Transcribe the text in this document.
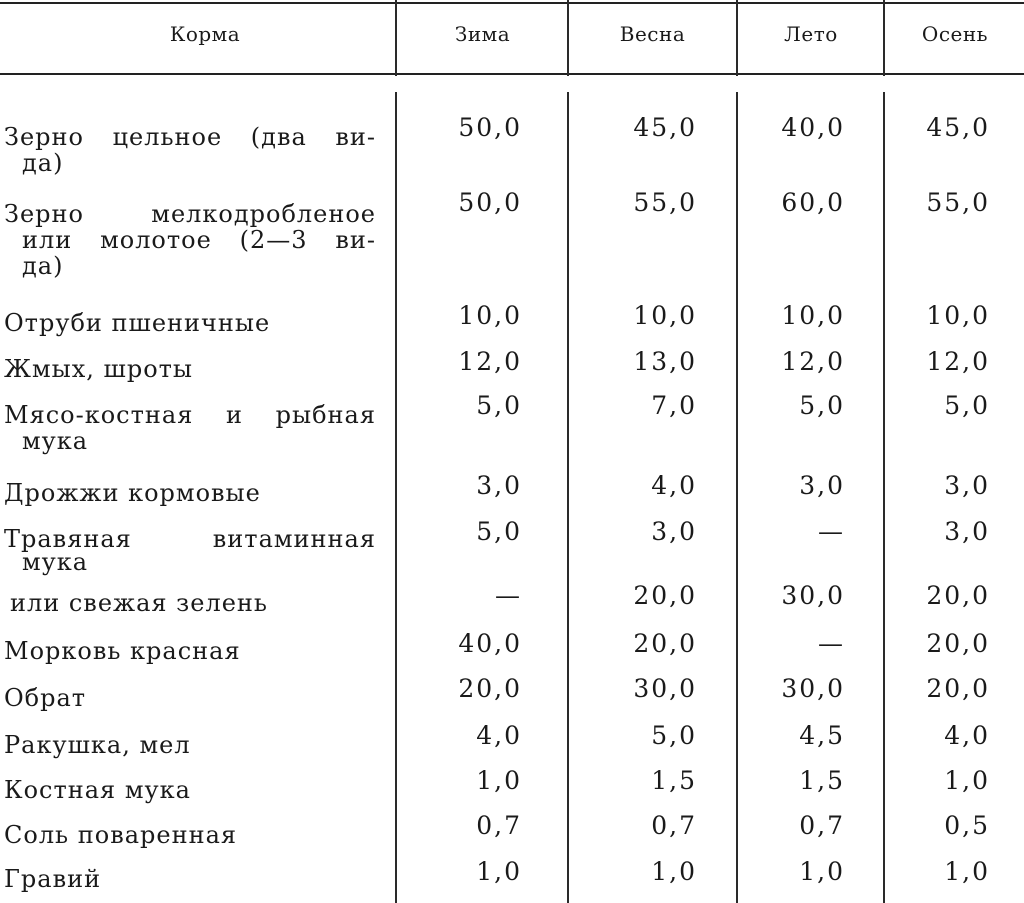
Корма	Зима	Весна	Лето	Осень
Зерно цельное (два ви-
да)
50,0	45,0	40,0	45,0
Зерно мелкодробленое
или молотое (2—3 ви-
да)
50,0	55,0	60,0	55,0
Отруби пшеничные	10,0	10,0	10,0	10,0
Жмых, шроты	12,0	13,0	12,0	12,0
Мясо-костная и рыбная
мука
5,0	7,0	5,0	5,0
Дрожжи кормовые	3,0	4,0	3,0	3,0
Травяная витаминная
мука
5,0	3,0	—	3,0
или свежая зелень	—	20,0	30,0	20,0
Морковь красная	40,0	20,0	—	20,0
Обрат	20,0	30,0	30,0	20,0
Ракушка, мел	4,0	5,0	4,5	4,0
Костная мука	1,0	1,5	1,5	1,0
Соль поваренная	0,7	0,7	0,7	0,5
Гравий	1,0	1,0	1,0	1,0
